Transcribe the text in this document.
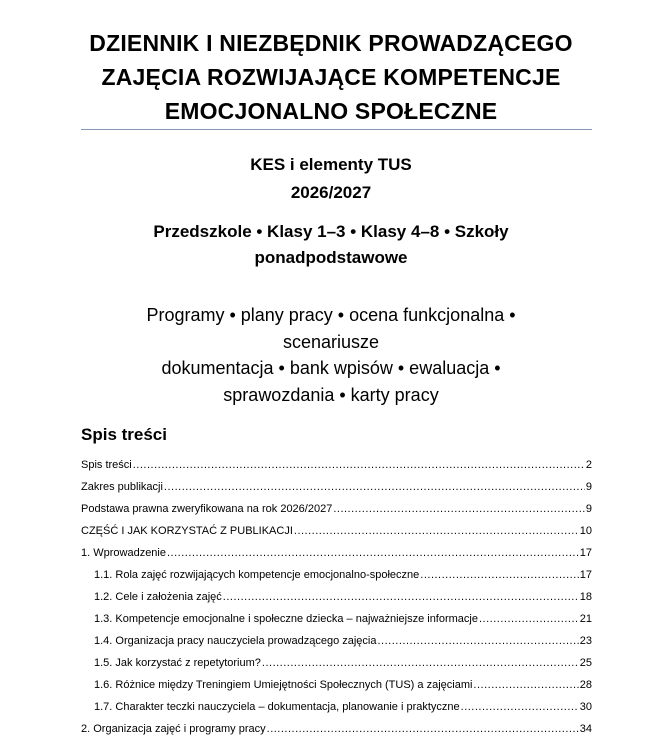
DZIENNIK I NIEZBĘDNIK PROWADZĄCEGO
ZAJĘCIA ROZWIJAJĄCE KOMPETENCJE
EMOCJONALNO SPOŁECZNE
KES i elementy TUS
2026/2027
Przedszkole • Klasy 1–3 • Klasy 4–8 • Szkoły
ponadpodstawowe
Programy • plany pracy • ocena funkcjonalna •
scenariusze
dokumentacja • bank wpisów • ewaluacja •
sprawozdania • karty pracy
Spis treści
Spis treści .....	2
Zakres publikacji .....	9
Podstawa prawna zweryfikowana na rok 2026/2027 .....	9
CZĘŚĆ I JAK KORZYSTAĆ Z PUBLIKACJI .....	10
1. Wprowadzenie .....	17
1.1. Rola zajęć rozwijających kompetencje emocjonalno-społeczne .....	17
1.2. Cele i założenia zajęć .....	18
1.3. Kompetencje emocjonalne i społeczne dziecka – najważniejsze informacje .....	21
1.4. Organizacja pracy nauczyciela prowadzącego zajęcia .....	23
1.5. Jak korzystać z repetytorium? .....	25
1.6. Różnice między Treningiem Umiejętności Społecznych (TUS) a zajęciami .....	28
1.7. Charakter teczki nauczyciela – dokumentacja, planowanie i praktyczne .....	30
2. Organizacja zajęć i programy pracy .....	34
